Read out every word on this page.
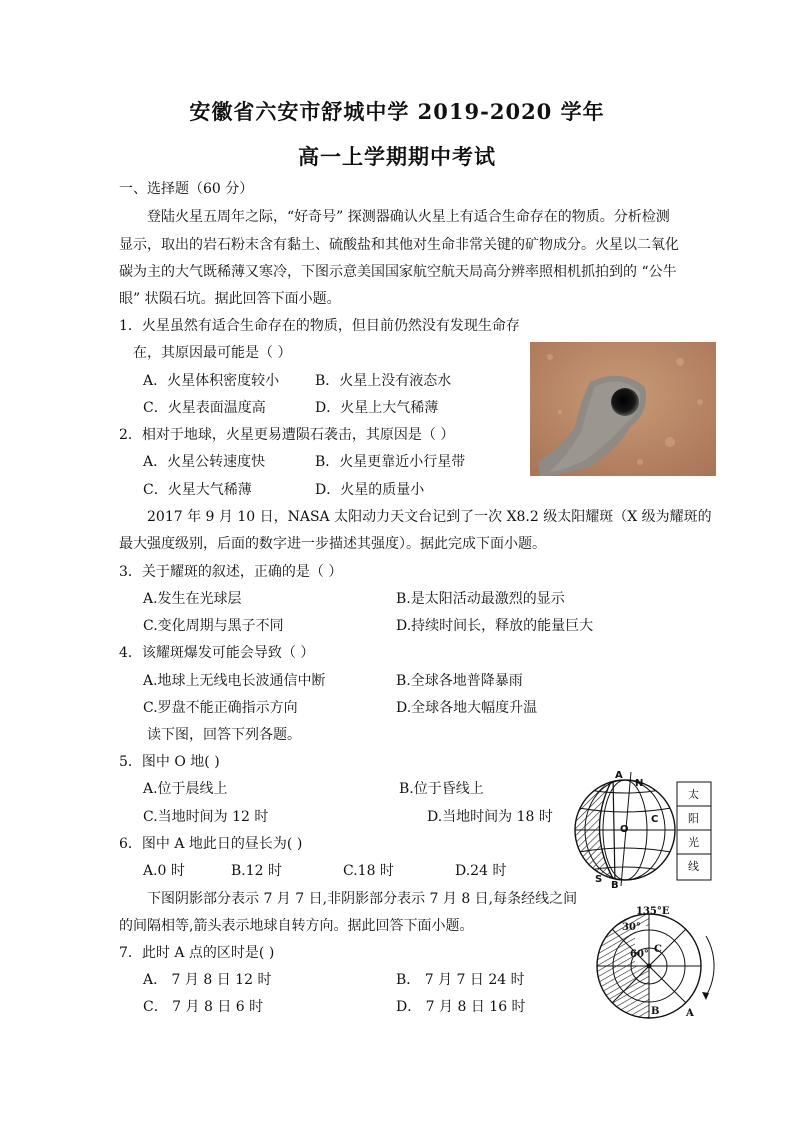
安徽省六安市舒城中学 2019-2020 学年
高一上学期期中考试
一、选择题（60 分）
登陆火星五周年之际，“好奇号” 探测器确认火星上有适合生命存在的物质。分析检测
显示，取出的岩石粉末含有黏土、硫酸盐和其他对生命非常关键的矿物成分。火星以二氧化
碳为主的大气既稀薄又寒冷，下图示意美国国家航空航天局高分辨率照相机抓拍到的 “公牛
眼” 状陨石坑。据此回答下面小题。
1．火星虽然有适合生命存在的物质，但目前仍然没有发现生命存
在，其原因最可能是（ ）
A．火星体积密度较小	B．火星上没有液态水
C．火星表面温度高	D．火星上大气稀薄
2．相对于地球，火星更易遭陨石袭击，其原因是（ ）
A．火星公转速度快	B．火星更靠近小行星带
C．火星大气稀薄	D．火星的质量小
2017 年 9 月 10 日，NASA 太阳动力天文台记到了一次 X8.2 级太阳耀斑（X 级为耀斑的
最大强度级别，后面的数字进一步描述其强度）。据此完成下面小题。
3．关于耀斑的叙述，正确的是（ ）
A.发生在光球层	B.是太阳活动最激烈的显示
C.变化周期与黑子不同	D.持续时间长，释放的能量巨大
4．该耀斑爆发可能会导致（ ）
A.地球上无线电长波通信中断	B.全球各地普降暴雨
C.罗盘不能正确指示方向	D.全球各地大幅度升温
读下图，回答下列各题。
5．图中 O 地( )
A.位于晨线上	B.位于昏线上
C.当地时间为 12 时	D.当地时间为 18 时
6．图中 A 地此日的昼长为( )
A.0 时	B.12 时	C.18 时	D.24 时
A
N
O
C
S
B
太
阳
光
线
下图阴影部分表示 7 月 7 日,非阴影部分表示 7 月 8 日,每条经线之间
的间隔相等,箭头表示地球自转方向。据此回答下面小题。
7．此时 A 点的区时是( )
A． 7 月 8 日 12 时	B． 7 月 7 日 24 时
C． 7 月 8 日 6 时	D． 7 月 8 日 16 时
135°E
30°
60° C
B	A
